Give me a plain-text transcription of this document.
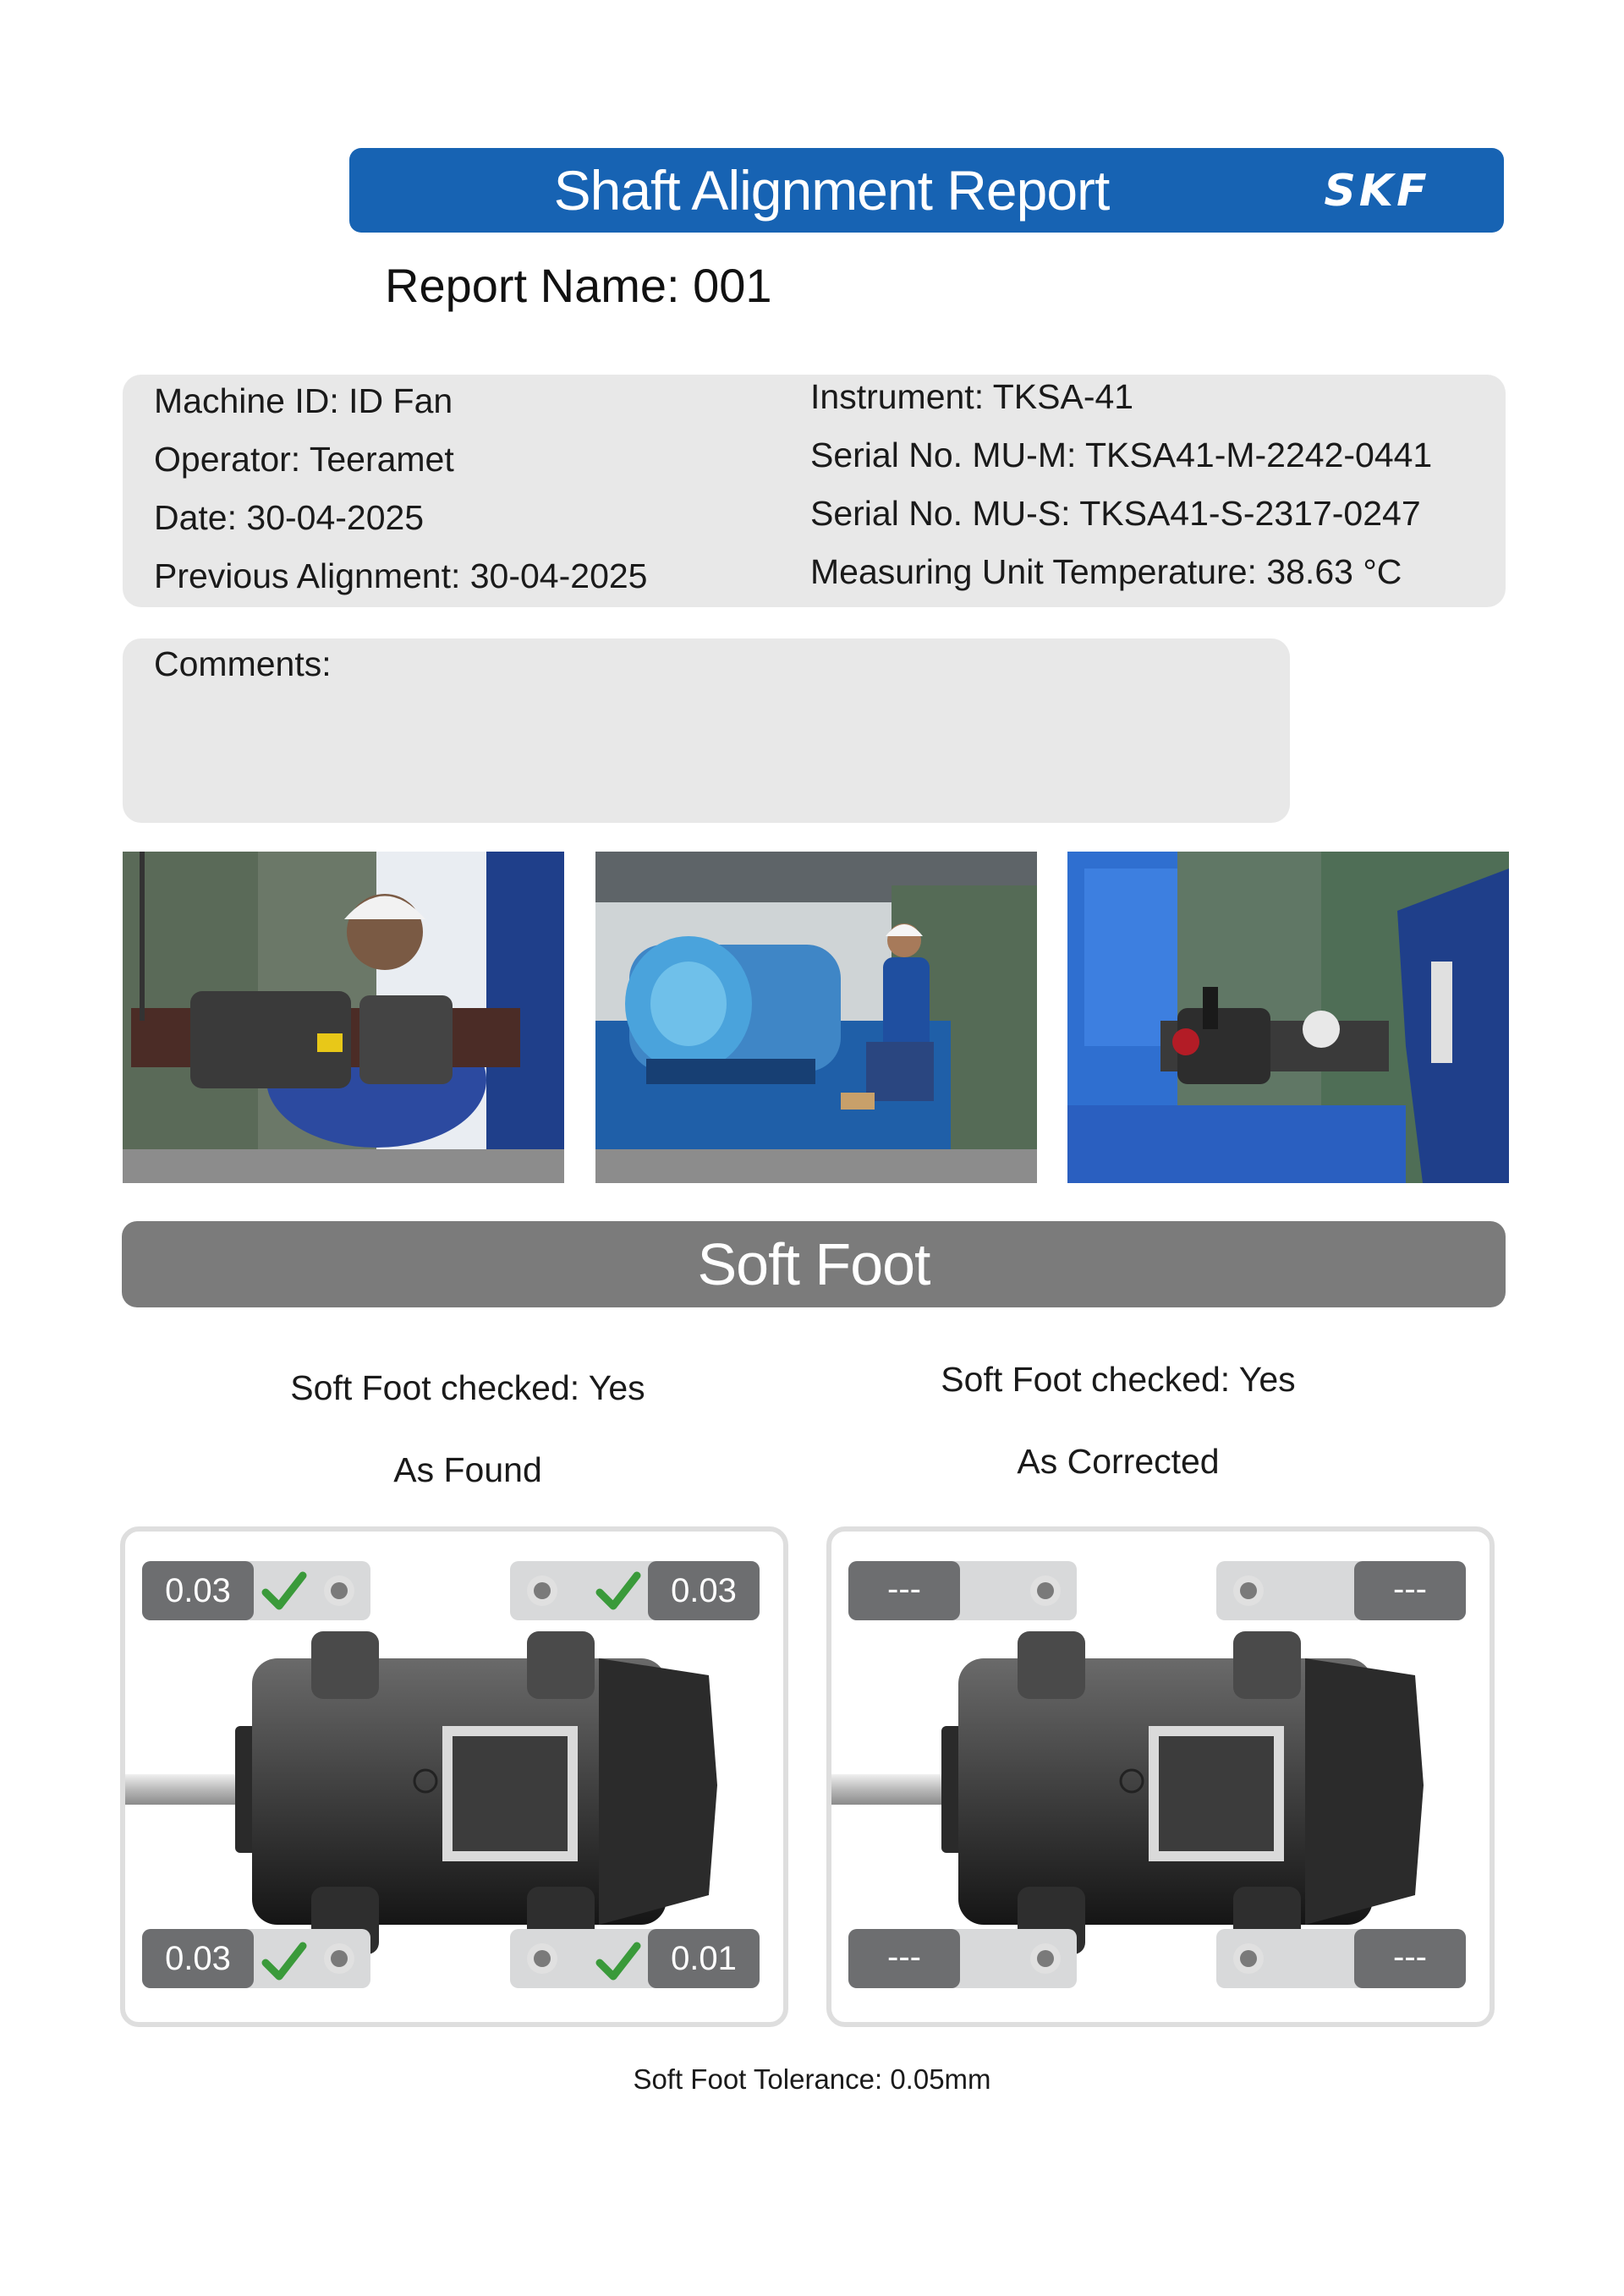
Shaft Alignment Report	SKF
Report Name: 001
Machine ID: ID Fan
Operator: Teeramet
Date: 30-04-2025
Previous Alignment: 30-04-2025
Instrument: TKSA-41
Serial No. MU-M: TKSA41-M-2242-0441
Serial No. MU-S: TKSA41-S-2317-0247
Measuring Unit Temperature: 38.63 °C
Comments:
Soft Foot
Soft Foot checked: Yes
As Found
Soft Foot checked: Yes
As Corrected
0.03	0.03
0.03	0.01
---	---
---	---
Soft Foot Tolerance: 0.05mm
